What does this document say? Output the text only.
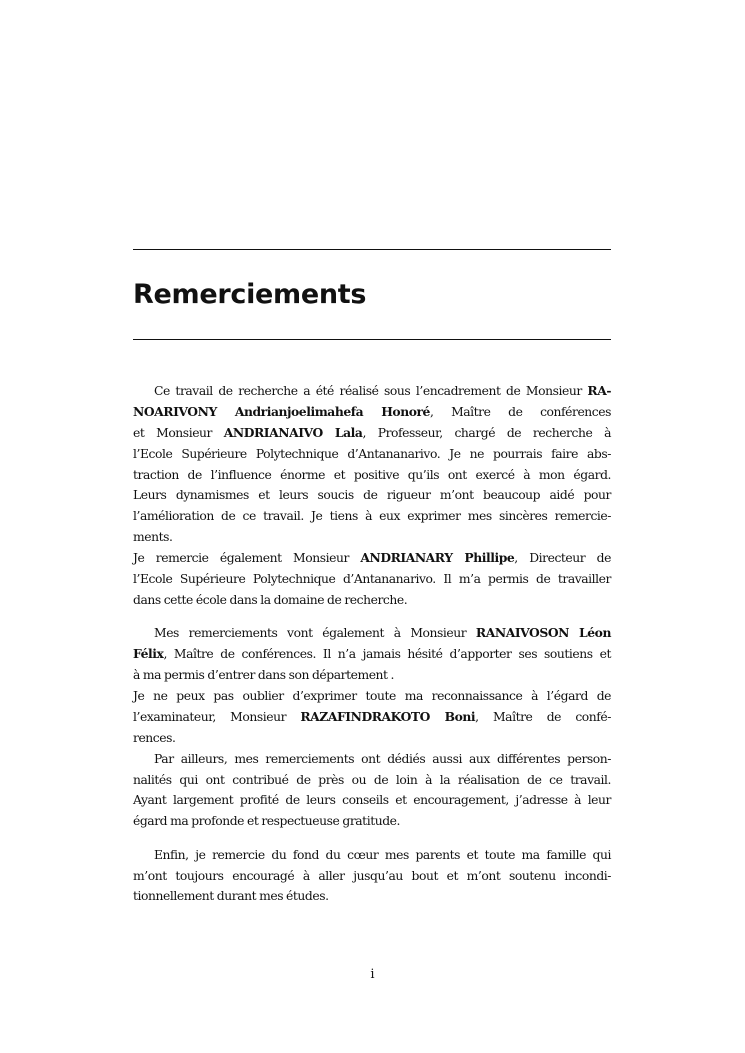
Remerciements
Ce travail de recherche a été réalisé sous l’encadrement de Monsieur RA-
NOARIVONY Andrianjoelimahefa Honoré, Maître de conférences
et Monsieur ANDRIANAIVO Lala, Professeur, chargé de recherche à
l’Ecole Supérieure Polytechnique d’Antananarivo. Je ne pourrais faire abs-
traction de l’influence énorme et positive qu’ils ont exercé à mon égard.
Leurs dynamismes et leurs soucis de rigueur m’ont beaucoup aidé pour
l’amélioration de ce travail. Je tiens à eux exprimer mes sincères remercie-
ments.
Je remercie également Monsieur ANDRIANARY Phillipe, Directeur de
l’Ecole Supérieure Polytechnique d’Antananarivo. Il m’a permis de travailler
dans cette école dans la domaine de recherche.
Mes remerciements vont également à Monsieur RANAIVOSON Léon
Félix, Maître de conférences. Il n’a jamais hésité d’apporter ses soutiens et
à ma permis d’entrer dans son département .
Je ne peux pas oublier d’exprimer toute ma reconnaissance à l’égard de
l’examinateur, Monsieur RAZAFINDRAKOTO Boni, Maître de confé-
rences.
Par ailleurs, mes remerciements ont dédiés aussi aux différentes person-
nalités qui ont contribué de près ou de loin à la réalisation de ce travail.
Ayant largement profité de leurs conseils et encouragement, j’adresse à leur
égard ma profonde et respectueuse gratitude.
Enfin, je remercie du fond du cœur mes parents et toute ma famille qui
m’ont toujours encouragé à aller jusqu’au bout et m’ont soutenu incondi-
tionnellement durant mes études.
i
